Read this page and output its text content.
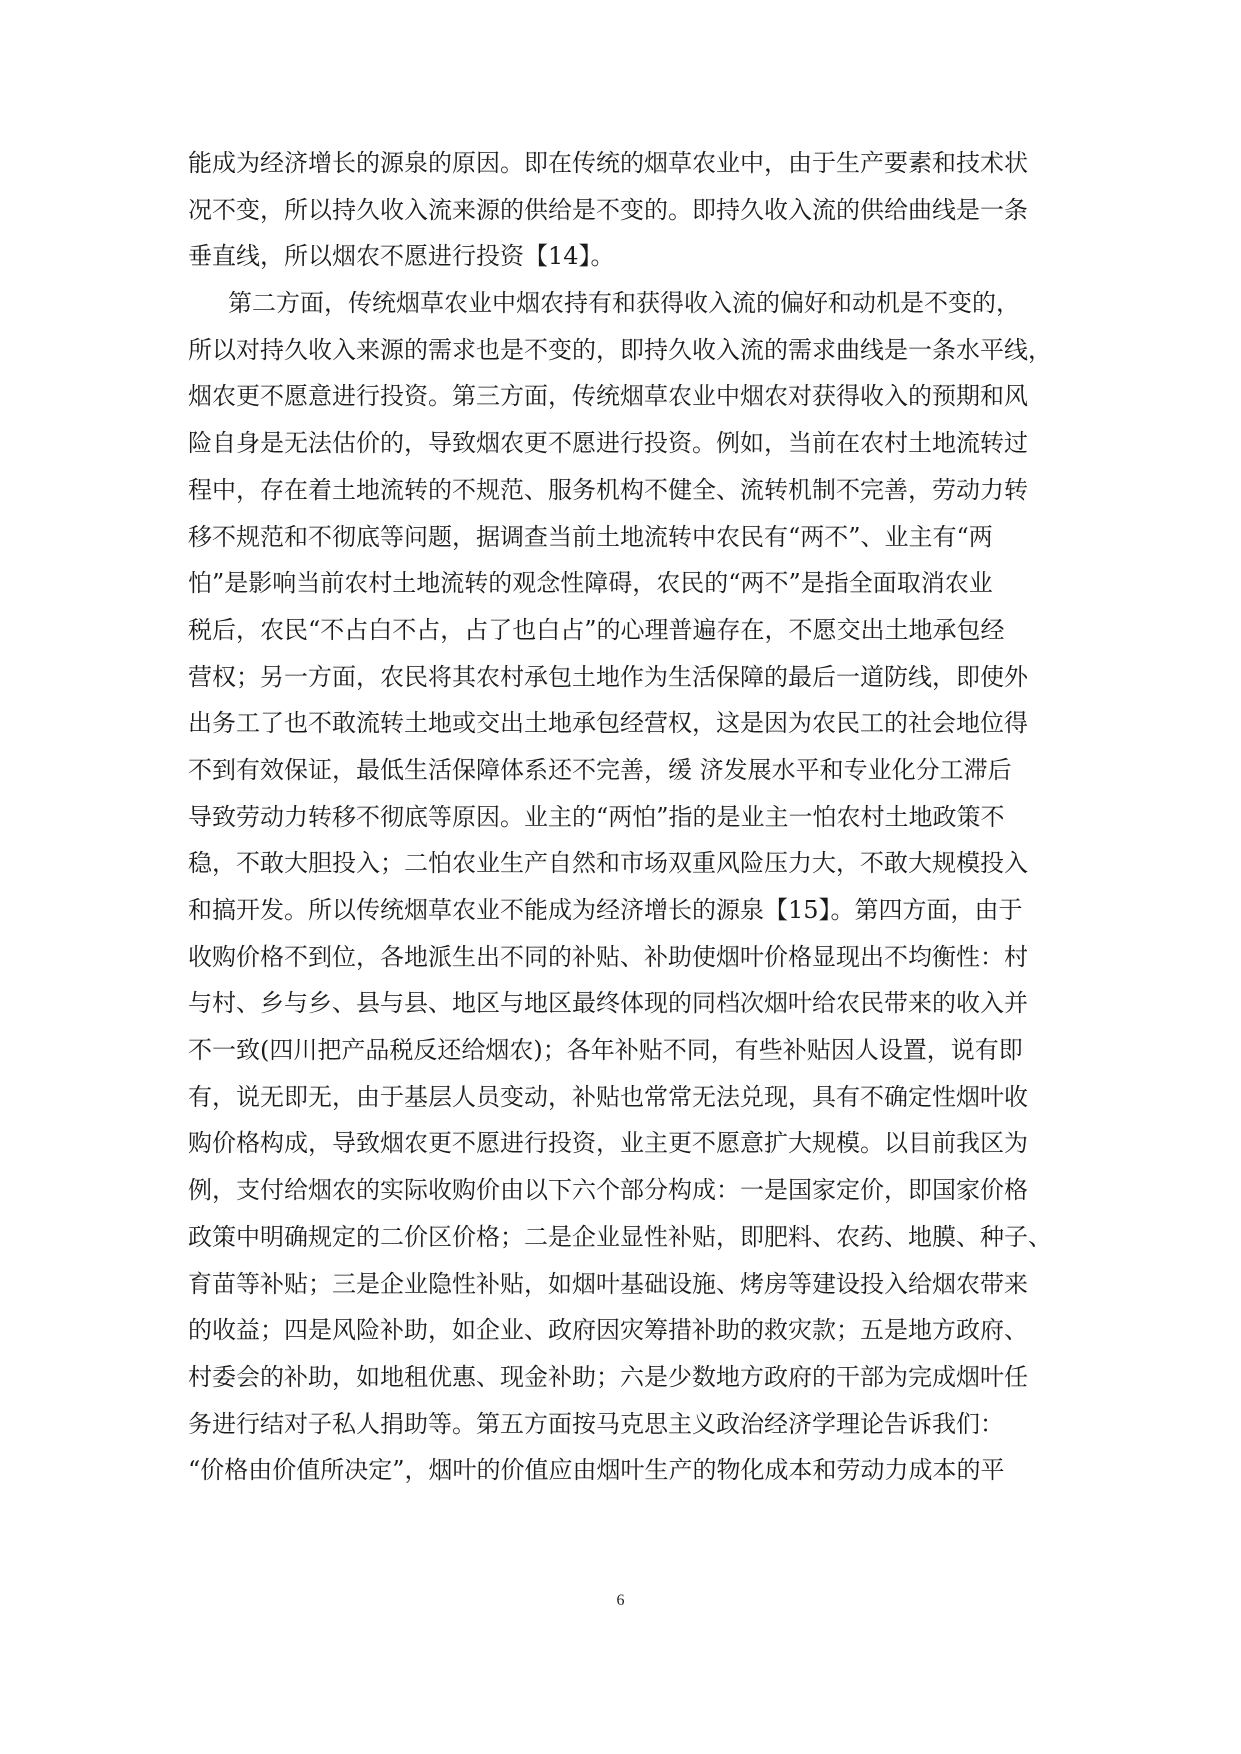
能成为经济增长的源泉的原因。即在传统的烟草农业中，由于生产要素和技术状
况不变，所以持久收入流来源的供给是不变的。即持久收入流的供给曲线是一条
垂直线，所以烟农不愿进行投资【14】。
第二方面，传统烟草农业中烟农持有和获得收入流的偏好和动机是不变的，
所以对持久收入来源的需求也是不变的，即持久收入流的需求曲线是一条水平线，
烟农更不愿意进行投资。第三方面，传统烟草农业中烟农对获得收入的预期和风
险自身是无法估价的，导致烟农更不愿进行投资。例如，当前在农村土地流转过
程中，存在着土地流转的不规范、服务机构不健全、流转机制不完善，劳动力转
移不规范和不彻底等问题，据调查当前土地流转中农民有“两不”、业主有“两
怕”是影响当前农村土地流转的观念性障碍，农民的“两不”是指全面取消农业
税后，农民“不占白不占，占了也白占”的心理普遍存在，不愿交出土地承包经
营权；另一方面，农民将其农村承包土地作为生活保障的最后一道防线，即使外
出务工了也不敢流转土地或交出土地承包经营权，这是因为农民工的社会地位得
不到有效保证，最低生活保障体系还不完善，缓 济发展水平和专业化分工滞后
导致劳动力转移不彻底等原因。业主的“两怕”指的是业主一怕农村土地政策不
稳，不敢大胆投入；二怕农业生产自然和市场双重风险压力大，不敢大规模投入
和搞开发。所以传统烟草农业不能成为经济增长的源泉【15】。第四方面，由于
收购价格不到位，各地派生出不同的补贴、补助使烟叶价格显现出不均衡性：村
与村、乡与乡、县与县、地区与地区最终体现的同档次烟叶给农民带来的收入并
不一致(四川把产品税反还给烟农)；各年补贴不同，有些补贴因人设置，说有即
有，说无即无，由于基层人员变动，补贴也常常无法兑现，具有不确定性烟叶收
购价格构成，导致烟农更不愿进行投资，业主更不愿意扩大规模。以目前我区为
例，支付给烟农的实际收购价由以下六个部分构成：一是国家定价，即国家价格
政策中明确规定的二价区价格；二是企业显性补贴，即肥料、农药、地膜、种子、
育苗等补贴；三是企业隐性补贴，如烟叶基础设施、烤房等建设投入给烟农带来
的收益；四是风险补助，如企业、政府因灾筹措补助的救灾款；五是地方政府、
村委会的补助，如地租优惠、现金补助；六是少数地方政府的干部为完成烟叶任
务进行结对子私人捐助等。第五方面按马克思主义政治经济学理论告诉我们：
“价格由价值所决定”，烟叶的价值应由烟叶生产的物化成本和劳动力成本的平
6
